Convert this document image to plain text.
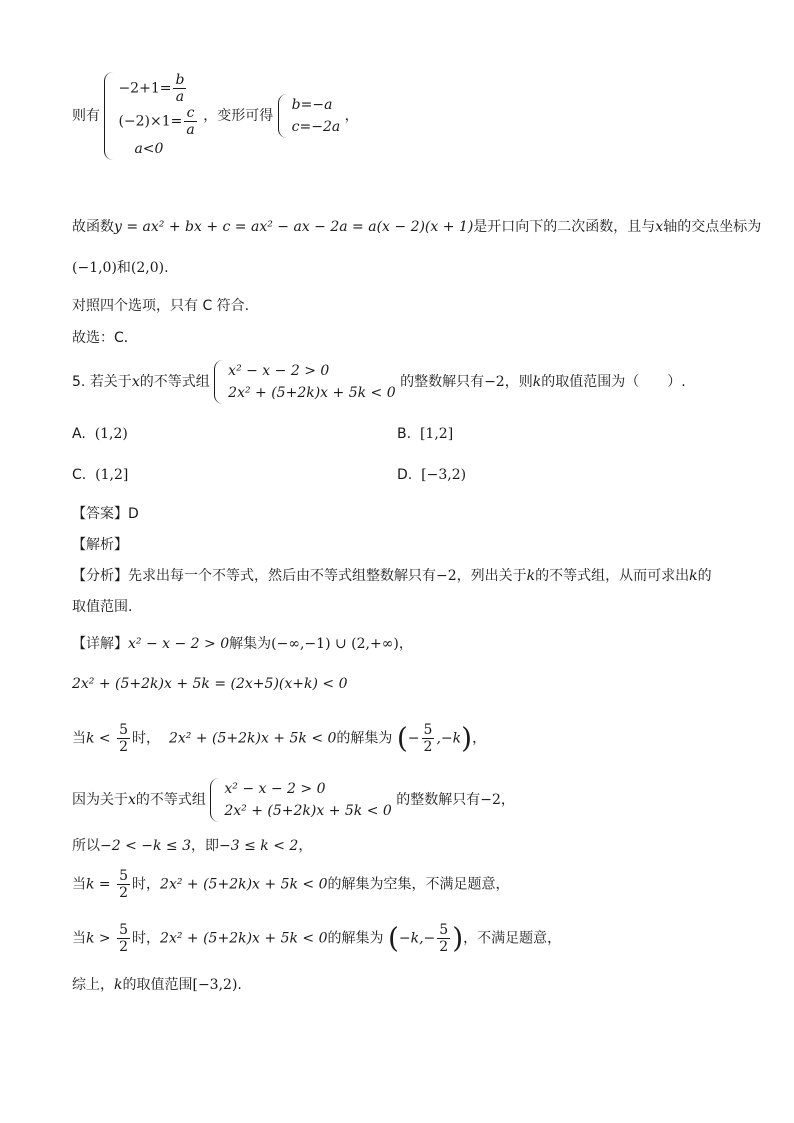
则有
$-2+1= \frac{b}{a}$
$(-2)\times 1= \frac{c}{a}$
a<0
，变形可得
b=−a
c=−2a
，
故函数y = ax² + bx + c = ax² − ax − 2a = a(x − 2)(x + 1)是开口向下的二次函数，且与x轴的交点坐标为
(−1,0)和(2,0).
对照四个选项，只有 C 符合.
故选：C．
5. 若关于x的不等式组
x² − x − 2 > 0
2x² + (5+2k)x + 5k < 0
的整数解只有−2，则k的取值范围为（　　）.
A. (1,2)	B. [1,2]
C. (1,2]	D. [−3,2)
【答案】D
【解析】
【分析】先求出每一个不等式，然后由不等式组整数解只有−2，列出关于k的不等式组，从而可求出k的
取值范围.
【详解】x² − x − 2 > 0解集为(−∞,−1) ∪ (2,+∞)，
2x² + (5+2k)x + 5k = (2x+5)(x+k) < 0
当$k < \frac{5}{2}$ 时， 2x² + (5+2k)x + 5k < 0的解集为 (− $\frac{5}{2} ,-k$)，
因为关于x的不等式组
x² − x − 2 > 0
2x² + (5+2k)x + 5k < 0
的整数解只有−2，
所以−2 < −k ≤ 3，即−3 ≤ k < 2，
当$k = \frac{5}{2}$ 时，2x² + (5+2k)x + 5k < 0的解集为空集，不满足题意，
当$k > \frac{5}{2}$ 时，2x² + (5+2k)x + 5k < 0的解集为 ($-k,- \frac{5}{2}$ )，不满足题意，
综上，k的取值范围[−3,2).
